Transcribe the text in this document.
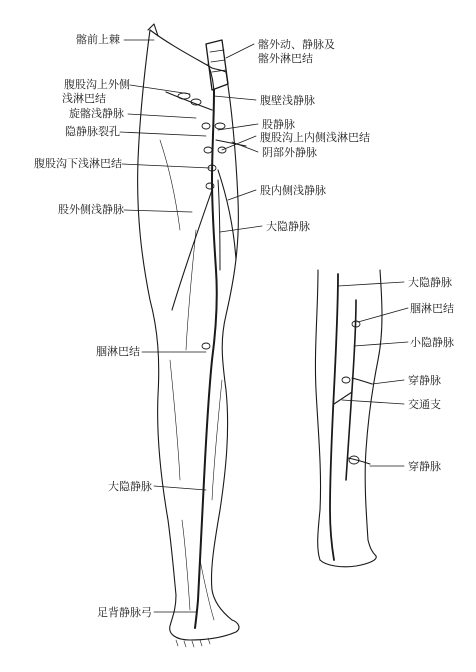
髂前上棘	髂外动、静脉及
髂外淋巴结
腹股沟上外侧
浅淋巴结
旋髂浅静脉
腹壁浅静脉
隐静脉裂孔
股静脉
腹股沟上内侧浅淋巴结
阴部外静脉
腹股沟下浅淋巴结
股内侧浅静脉
股外侧浅静脉
大隐静脉
腘淋巴结
大隐静脉
足背静脉弓
大隐静脉
腘淋巴结
小隐静脉
穿静脉
交通支
穿静脉
